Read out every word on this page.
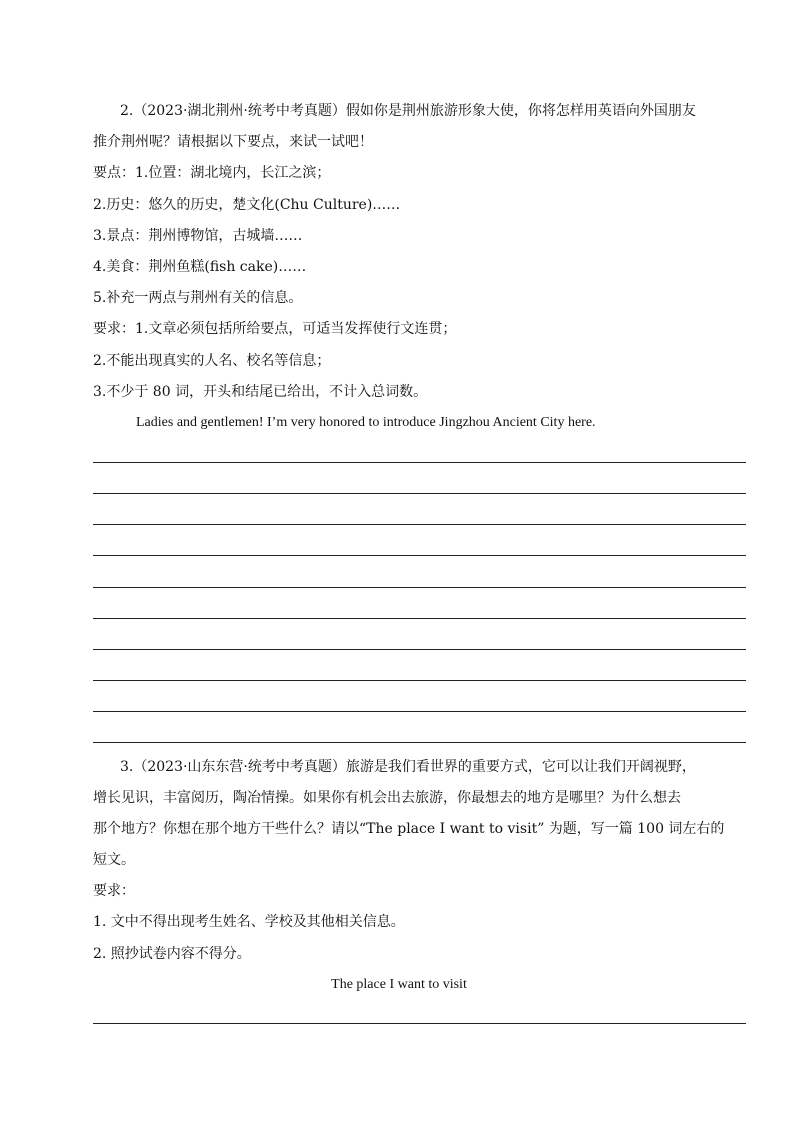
2.（2023·湖北荆州·统考中考真题）假如你是荆州旅游形象大使，你将怎样用英语向外国朋友
推介荆州呢？请根据以下要点，来试一试吧！
要点：1.位置：湖北境内，长江之滨；
2.历史：悠久的历史，楚文化(Chu Culture)……
3.景点：荆州博物馆，古城墙……
4.美食：荆州鱼糕(fish cake)……
5.补充一两点与荆州有关的信息。
要求：1.文章必须包括所给要点，可适当发挥使行文连贯；
2.不能出现真实的人名、校名等信息；
3.不少于 80 词，开头和结尾已给出，不计入总词数。
Ladies and gentlemen! I’m very honored to introduce Jingzhou Ancient City here.
3.（2023·山东东营·统考中考真题）旅游是我们看世界的重要方式，它可以让我们开阔视野，
增长见识，丰富阅历，陶冶情操。如果你有机会出去旅游，你最想去的地方是哪里？为什么想去
那个地方？你想在那个地方干些什么？请以“The place I want to visit” 为题，写一篇 100 词左右的
短文。
要求：
1. 文中不得出现考生姓名、学校及其他相关信息。
2. 照抄试卷内容不得分。
The place I want to visit
